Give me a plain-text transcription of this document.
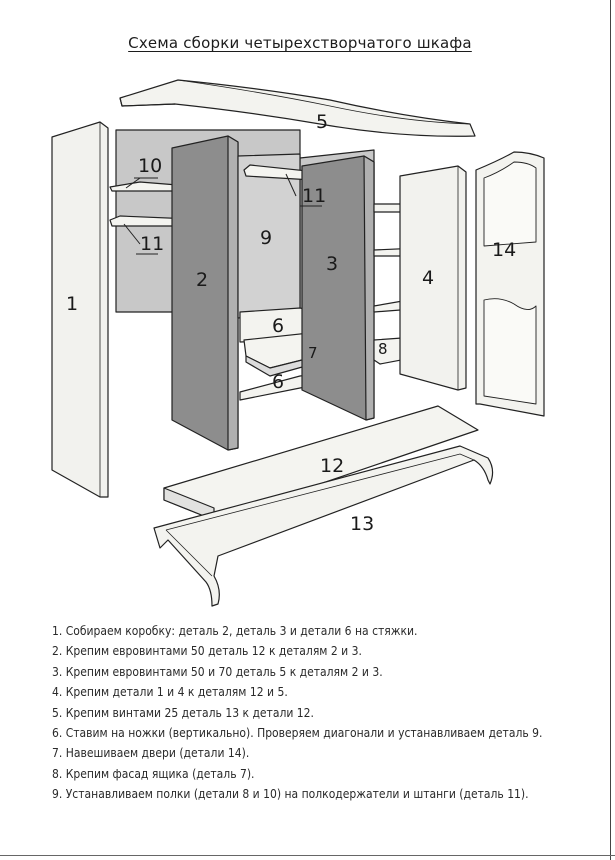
Схема сборки четырехстворчатого шкафа
1
2
3
4
5
6
6
7	8
9
10
11
11
12
13
14
1. Собираем коробку: деталь 2, деталь 3 и детали 6 на стяжки.
2. Крепим евровинтами 50 деталь 12 к деталям 2 и 3.
3. Крепим евровинтами 50 и 70 деталь 5 к деталям 2 и 3.
4. Крепим детали 1 и 4 к деталям 12 и 5.
5. Крепим винтами 25 деталь 13 к детали 12.
6. Ставим на ножки (вертикально). Проверяем диагонали и устанавливаем деталь 9.
7. Навешиваем двери (детали 14).
8. Крепим фасад ящика (деталь 7).
9. Устанавливаем полки (детали 8 и 10) на полкодержатели и штанги (деталь 11).
